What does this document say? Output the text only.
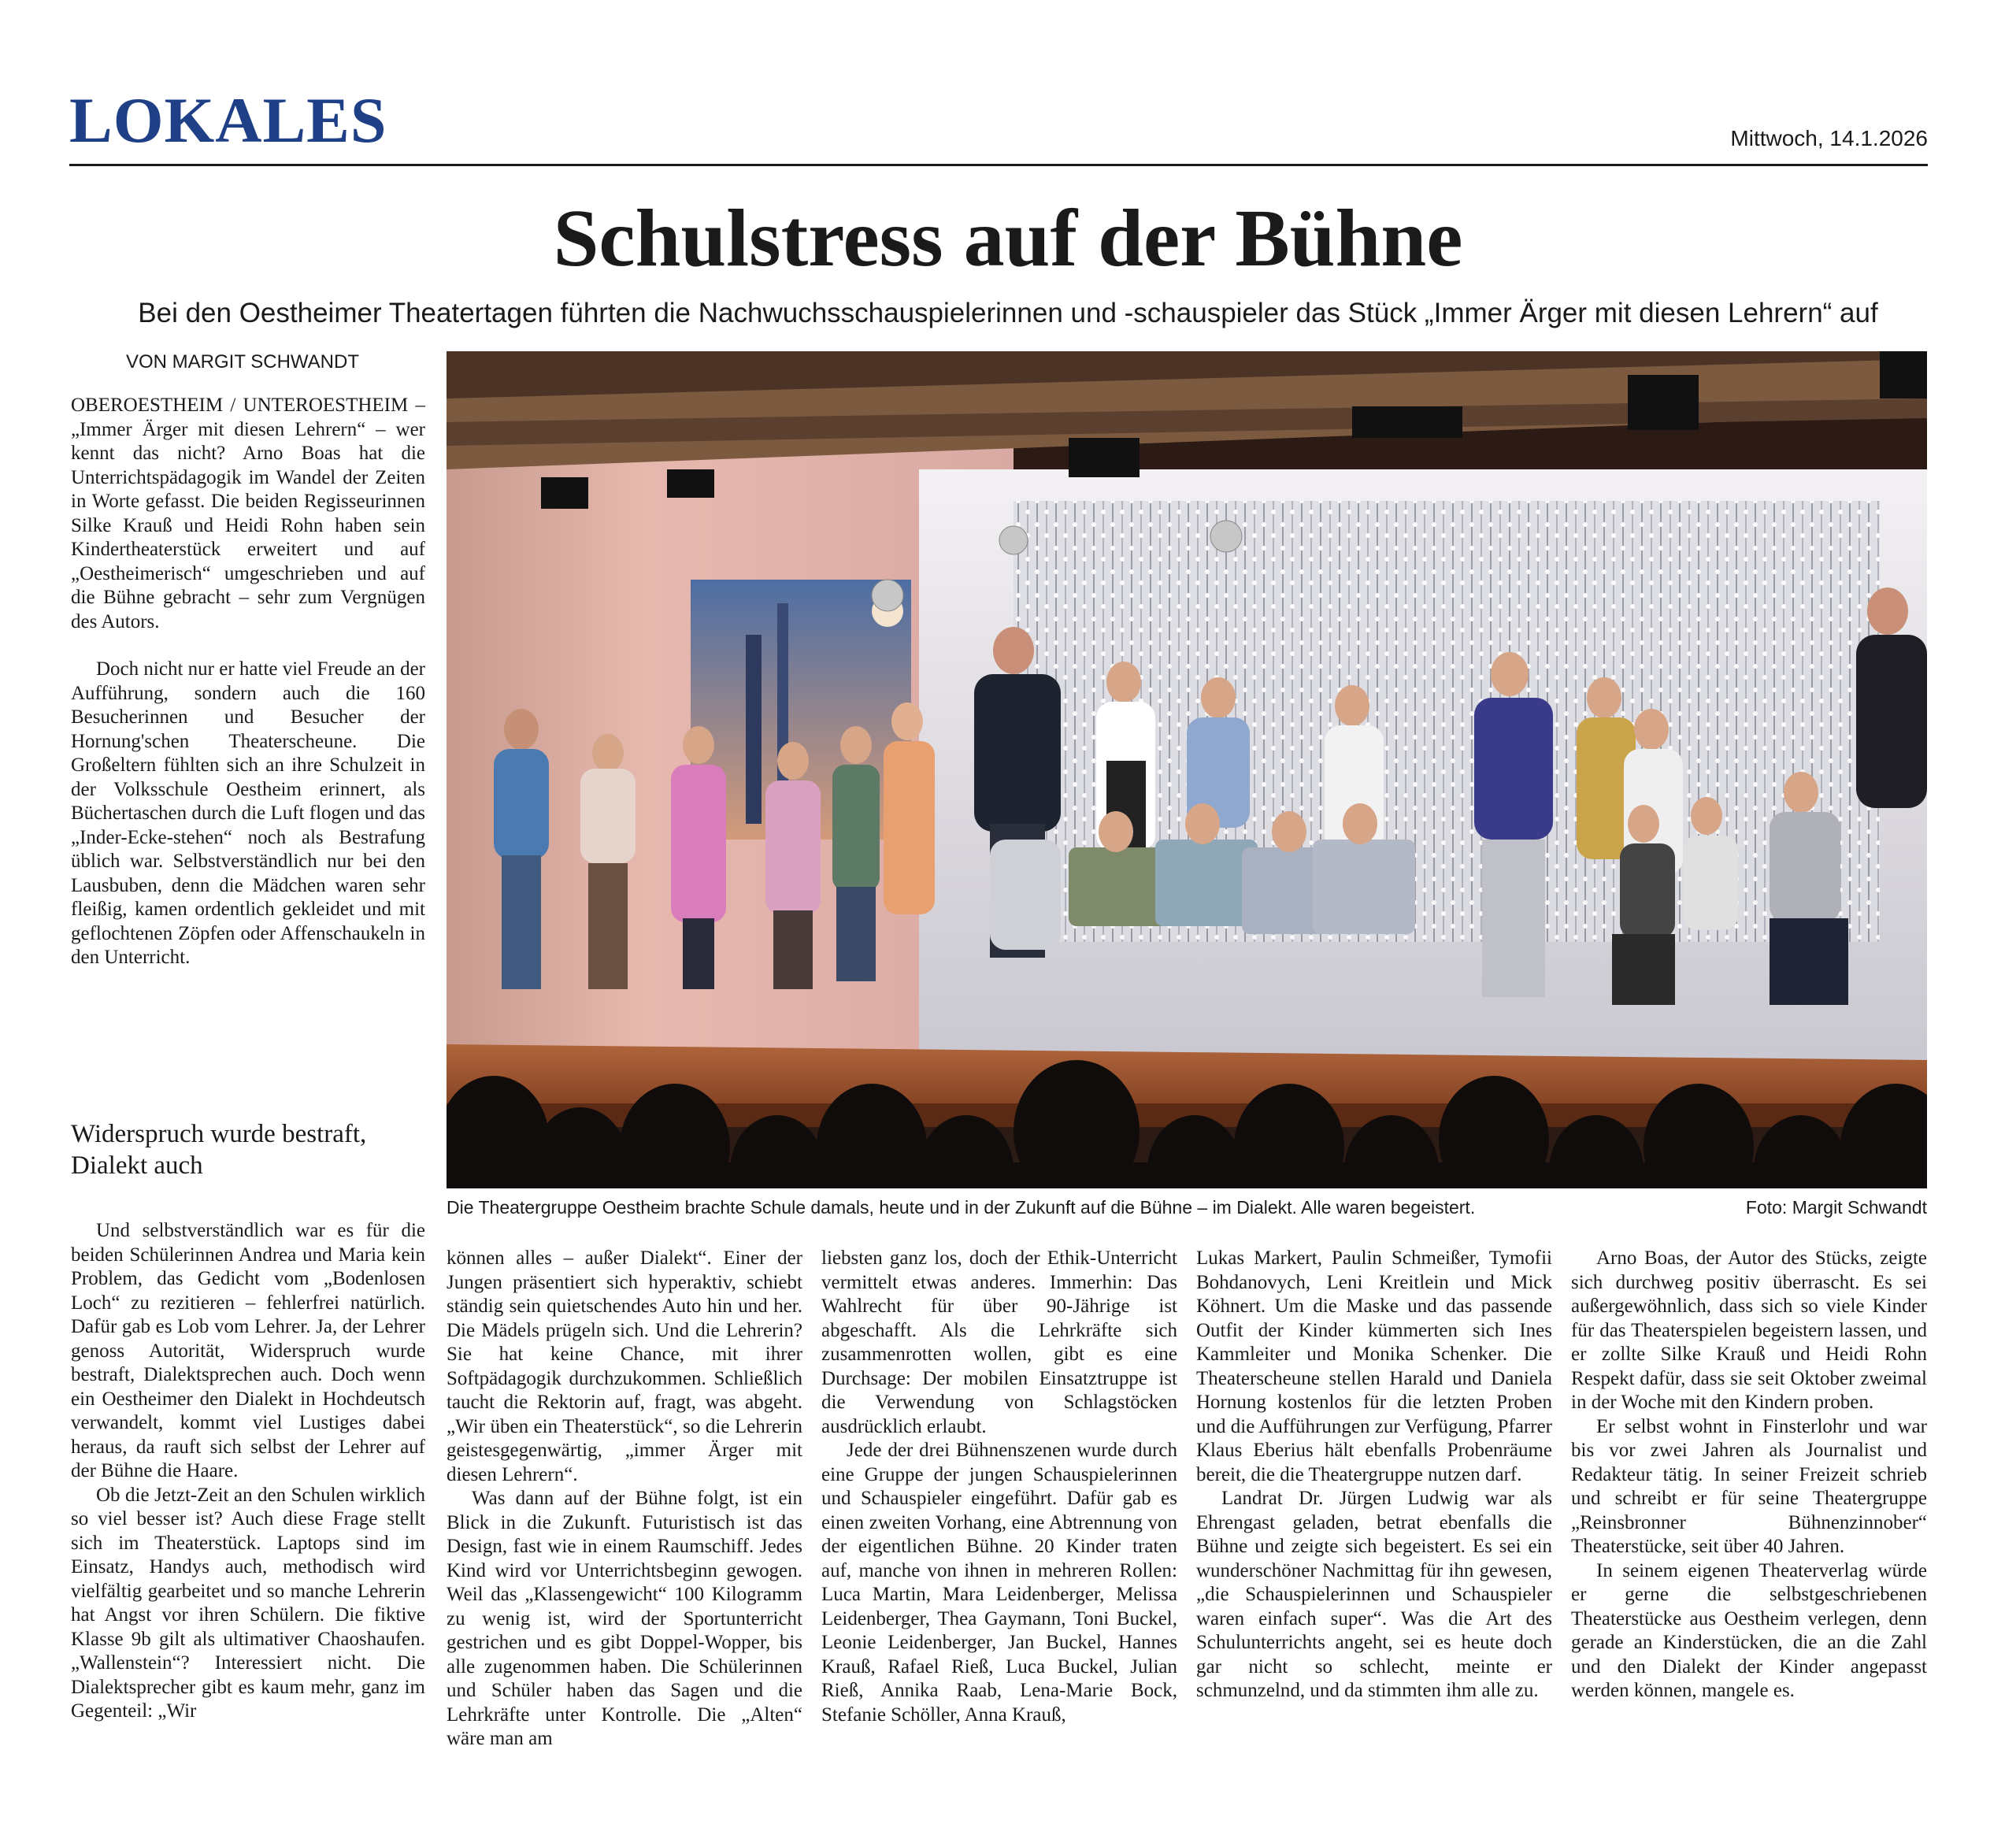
LOKALES	Mittwoch, 14.1.2026
Schulstress auf der Bühne
Bei den Oestheimer Theatertagen führten die Nachwuchsschauspielerinnen und -schauspieler das Stück „Immer Ärger mit diesen Lehrern“ auf
VON MARGIT SCHWANDT

OBEROESTHEIM / UNTEROESTHEIM – „Immer Ärger mit diesen Lehrern“ – wer kennt das nicht? Arno Boas hat die Unterrichtspädagogik im Wandel der Zeiten in Worte gefasst. Die beiden Regisseurinnen Silke Krauß und Heidi Rohn haben sein Kindertheaterstück erweitert und auf „Oestheimerisch“ umgeschrieben und auf die Bühne gebracht – sehr zum Vergnügen des Autors.

Doch nicht nur er hatte viel Freude an der Aufführung, sondern auch die 160 Besucherinnen und Besucher der Hornung'schen Theaterscheune. Die Großeltern fühlten sich an ihre Schulzeit in der Volksschule Oestheim erinnert, als Büchertaschen durch die Luft flogen und das „Inder-Ecke-stehen“ noch als Bestrafung üblich war. Selbstverständlich nur bei den Lausbuben, denn die Mädchen waren sehr fleißig, kamen ordentlich gekleidet und mit geflochtenen Zöpfen oder Affenschaukeln in den Unterricht.

Widerspruch wurde bestraft, Dialekt auch

Und selbstverständlich war es für die beiden Schülerinnen Andrea und Maria kein Problem, das Gedicht vom „Bodenlosen Loch“ zu rezitieren – fehlerfrei natürlich. Dafür gab es Lob vom Lehrer. Ja, der Lehrer genoss Autorität, Widerspruch wurde bestraft, Dialektsprechen auch. Doch wenn ein Oestheimer den Dialekt in Hochdeutsch verwandelt, kommt viel Lustiges dabei heraus, da rauft sich selbst der Lehrer auf der Bühne die Haare.

Ob die Jetzt-Zeit an den Schulen wirklich so viel besser ist? Auch diese Frage stellt sich im Theaterstück. Laptops sind im Einsatz, Handys auch, methodisch wird vielfältig gearbeitet und so manche Lehrerin hat Angst vor ihren Schülern. Die fiktive Klasse 9b gilt als ultimativer Chaoshaufen. „Wallenstein“? Interessiert nicht. Die Dialektsprecher gibt es kaum mehr, ganz im Gegenteil: „Wir

können alles – außer Dialekt“. Einer der Jungen präsentiert sich hyperaktiv, schiebt ständig sein quietschendes Auto hin und her. Die Mädels prügeln sich. Und die Lehrerin? Sie hat keine Chance, mit ihrer Softpädagogik durchzukommen. Schließlich taucht die Rektorin auf, fragt, was abgeht. „Wir üben ein Theaterstück“, so die Lehrerin geistesgegenwärtig, „immer Ärger mit diesen Lehrern“.

Was dann auf der Bühne folgt, ist ein Blick in die Zukunft. Futuristisch ist das Design, fast wie in einem Raumschiff. Jedes Kind wird vor Unterrichtsbeginn gewogen. Weil das „Klassengewicht“ 100 Kilogramm zu wenig ist, wird der Sportunterricht gestrichen und es gibt Doppel-Wopper, bis alle zugenommen haben. Die Schülerinnen und Schüler haben das Sagen und die Lehrkräfte unter Kontrolle. Die „Alten“ wäre man am

liebsten ganz los, doch der Ethik-Unterricht vermittelt etwas anderes. Immerhin: Das Wahlrecht für über 90-Jährige ist abgeschafft. Als die Lehrkräfte sich zusammenrotten wollen, gibt es eine Durchsage: Der mobilen Einsatztruppe ist die Verwendung von Schlagstöcken ausdrücklich erlaubt.

Jede der drei Bühnenszenen wurde durch eine Gruppe der jungen Schauspielerinnen und Schauspieler eingeführt. Dafür gab es einen zweiten Vorhang, eine Abtrennung von der eigentlichen Bühne. 20 Kinder traten auf, manche von ihnen in mehreren Rollen: Luca Martin, Mara Leidenberger, Melissa Leidenberger, Thea Gaymann, Toni Buckel, Leonie Leidenberger, Jan Buckel, Hannes Krauß, Rafael Rieß, Luca Buckel, Julian Rieß, Annika Raab, Lena-Marie Bock, Stefanie Schöller, Anna Krauß,

Lukas Markert, Paulin Schmeißer, Tymofii Bohdanovych, Leni Kreitlein und Mick Köhnert. Um die Maske und das passende Outfit der Kinder kümmerten sich Ines Kammleiter und Monika Schenker. Die Theaterscheune stellen Harald und Daniela Hornung kostenlos für die letzten Proben und die Aufführungen zur Verfügung, Pfarrer Klaus Eberius hält ebenfalls Probenräume bereit, die die Theatergruppe nutzen darf.

Landrat Dr. Jürgen Ludwig war als Ehrengast geladen, betrat ebenfalls die Bühne und zeigte sich begeistert. Es sei ein wunderschöner Nachmittag für ihn gewesen, „die Schauspielerinnen und Schauspieler waren einfach super“. Was die Art des Schulunterrichts angeht, sei es heute doch gar nicht so schlecht, meinte er schmunzelnd, und da stimmten ihm alle zu.

Arno Boas, der Autor des Stücks, zeigte sich durchweg positiv überrascht. Es sei außergewöhnlich, dass sich so viele Kinder für das Theaterspielen begeistern lassen, und er zollte Silke Krauß und Heidi Rohn Respekt dafür, dass sie seit Oktober zweimal in der Woche mit den Kindern proben.

Er selbst wohnt in Finsterlohr und war bis vor zwei Jahren als Journalist und Redakteur tätig. In seiner Freizeit schrieb und schreibt er für seine Theatergruppe „Reinsbronner Bühnenzinnober“ Theaterstücke, seit über 40 Jahren.

In seinem eigenen Theaterverlag würde er gerne die selbstgeschriebenen Theaterstücke aus Oestheim verlegen, denn gerade an Kinderstücken, die an die Zahl und den Dialekt der Kinder angepasst werden können, mangele es.

Die Theatergruppe Oestheim brachte Schule damals, heute und in der Zukunft auf die Bühne – im Dialekt. Alle waren begeistert.	Foto: Margit Schwandt
